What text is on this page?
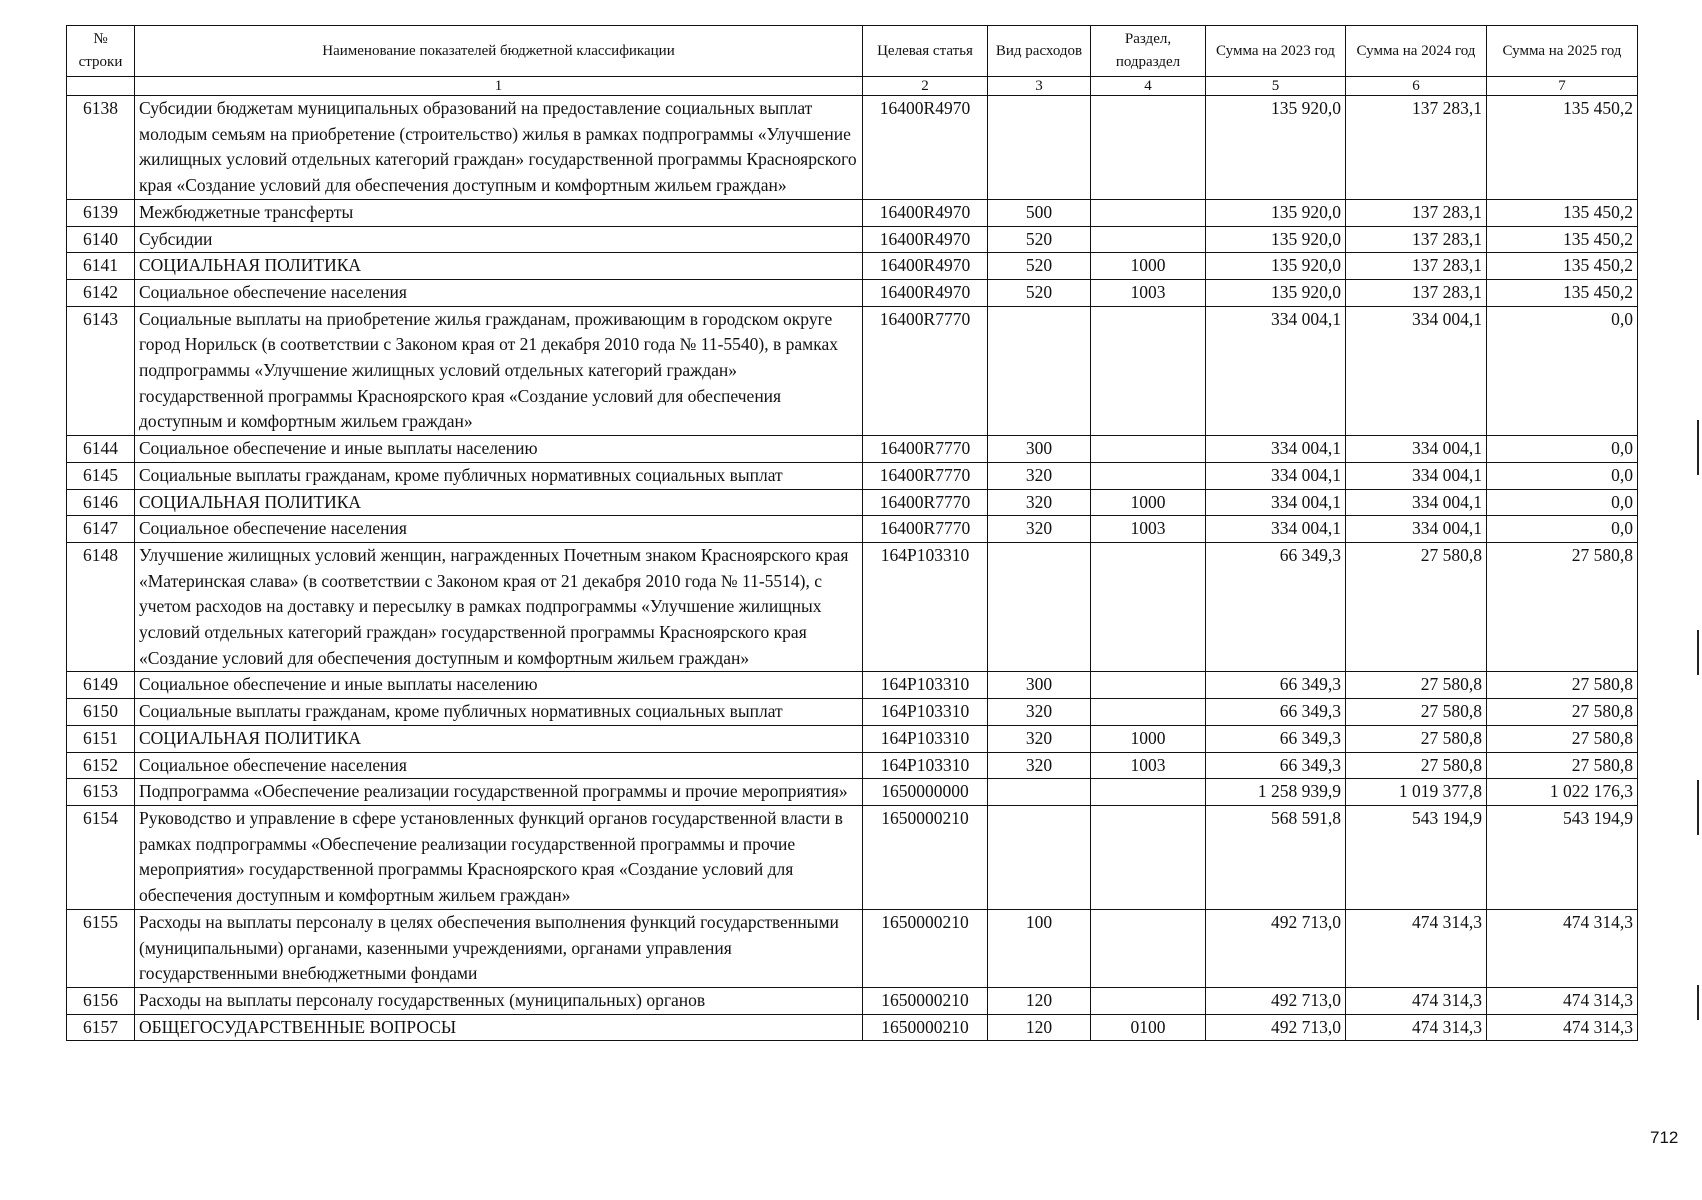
№ строки	Наименование показателей бюджетной классификации	Целевая статья	Вид расходов	Раздел, подраздел	Сумма на 2023 год	Сумма на 2024 год	Сумма на 2025 год
	1	2	3	4	5	6	7
6138	Субсидии бюджетам муниципальных образований на предоставление социальных выплат молодым семьям на приобретение (строительство) жилья в рамках подпрограммы «Улучшение жилищных условий отдельных категорий граждан» государственной программы Красноярского края «Создание условий для обеспечения доступным и комфортным жильем граждан»	16400R4970			135 920,0	137 283,1	135 450,2
6139	Межбюджетные трансферты	16400R4970	500		135 920,0	137 283,1	135 450,2
6140	Субсидии	16400R4970	520		135 920,0	137 283,1	135 450,2
6141	СОЦИАЛЬНАЯ ПОЛИТИКА	16400R4970	520	1000	135 920,0	137 283,1	135 450,2
6142	Социальное обеспечение населения	16400R4970	520	1003	135 920,0	137 283,1	135 450,2
6143	Социальные выплаты на приобретение жилья гражданам, проживающим в городском округе город Норильск (в соответствии с Законом края от 21 декабря 2010 года № 11-5540), в рамках подпрограммы «Улучшение жилищных условий отдельных категорий граждан» государственной программы Красноярского края «Создание условий для обеспечения доступным и комфортным жильем граждан»	16400R7770			334 004,1	334 004,1	0,0
6144	Социальное обеспечение и иные выплаты населению	16400R7770	300		334 004,1	334 004,1	0,0
6145	Социальные выплаты гражданам, кроме публичных нормативных социальных выплат	16400R7770	320		334 004,1	334 004,1	0,0
6146	СОЦИАЛЬНАЯ ПОЛИТИКА	16400R7770	320	1000	334 004,1	334 004,1	0,0
6147	Социальное обеспечение населения	16400R7770	320	1003	334 004,1	334 004,1	0,0
6148	Улучшение жилищных условий женщин, награжденных Почетным знаком Красноярского края «Материнская слава» (в соответствии с Законом края от 21 декабря 2010 года № 11-5514), с учетом расходов на доставку и пересылку в рамках подпрограммы «Улучшение жилищных условий отдельных категорий граждан» государственной программы Красноярского края «Создание условий для обеспечения доступным и комфортным жильем граждан»	164P103310			66 349,3	27 580,8	27 580,8
6149	Социальное обеспечение и иные выплаты населению	164P103310	300		66 349,3	27 580,8	27 580,8
6150	Социальные выплаты гражданам, кроме публичных нормативных социальных выплат	164P103310	320		66 349,3	27 580,8	27 580,8
6151	СОЦИАЛЬНАЯ ПОЛИТИКА	164P103310	320	1000	66 349,3	27 580,8	27 580,8
6152	Социальное обеспечение населения	164P103310	320	1003	66 349,3	27 580,8	27 580,8
6153	Подпрограмма «Обеспечение реализации государственной программы и прочие мероприятия»	1650000000			1 258 939,9	1 019 377,8	1 022 176,3
6154	Руководство и управление в сфере установленных функций органов государственной власти в рамках подпрограммы «Обеспечение реализации государственной программы и прочие мероприятия» государственной программы Красноярского края «Создание условий для обеспечения доступным и комфортным жильем граждан»	1650000210			568 591,8	543 194,9	543 194,9
6155	Расходы на выплаты персоналу в целях обеспечения выполнения функций государственными (муниципальными) органами, казенными учреждениями, органами управления государственными внебюджетными фондами	1650000210	100		492 713,0	474 314,3	474 314,3
6156	Расходы на выплаты персоналу государственных (муниципальных) органов	1650000210	120		492 713,0	474 314,3	474 314,3
6157	ОБЩЕГОСУДАРСТВЕННЫЕ ВОПРОСЫ	1650000210	120	0100	492 713,0	474 314,3	474 314,3
712
